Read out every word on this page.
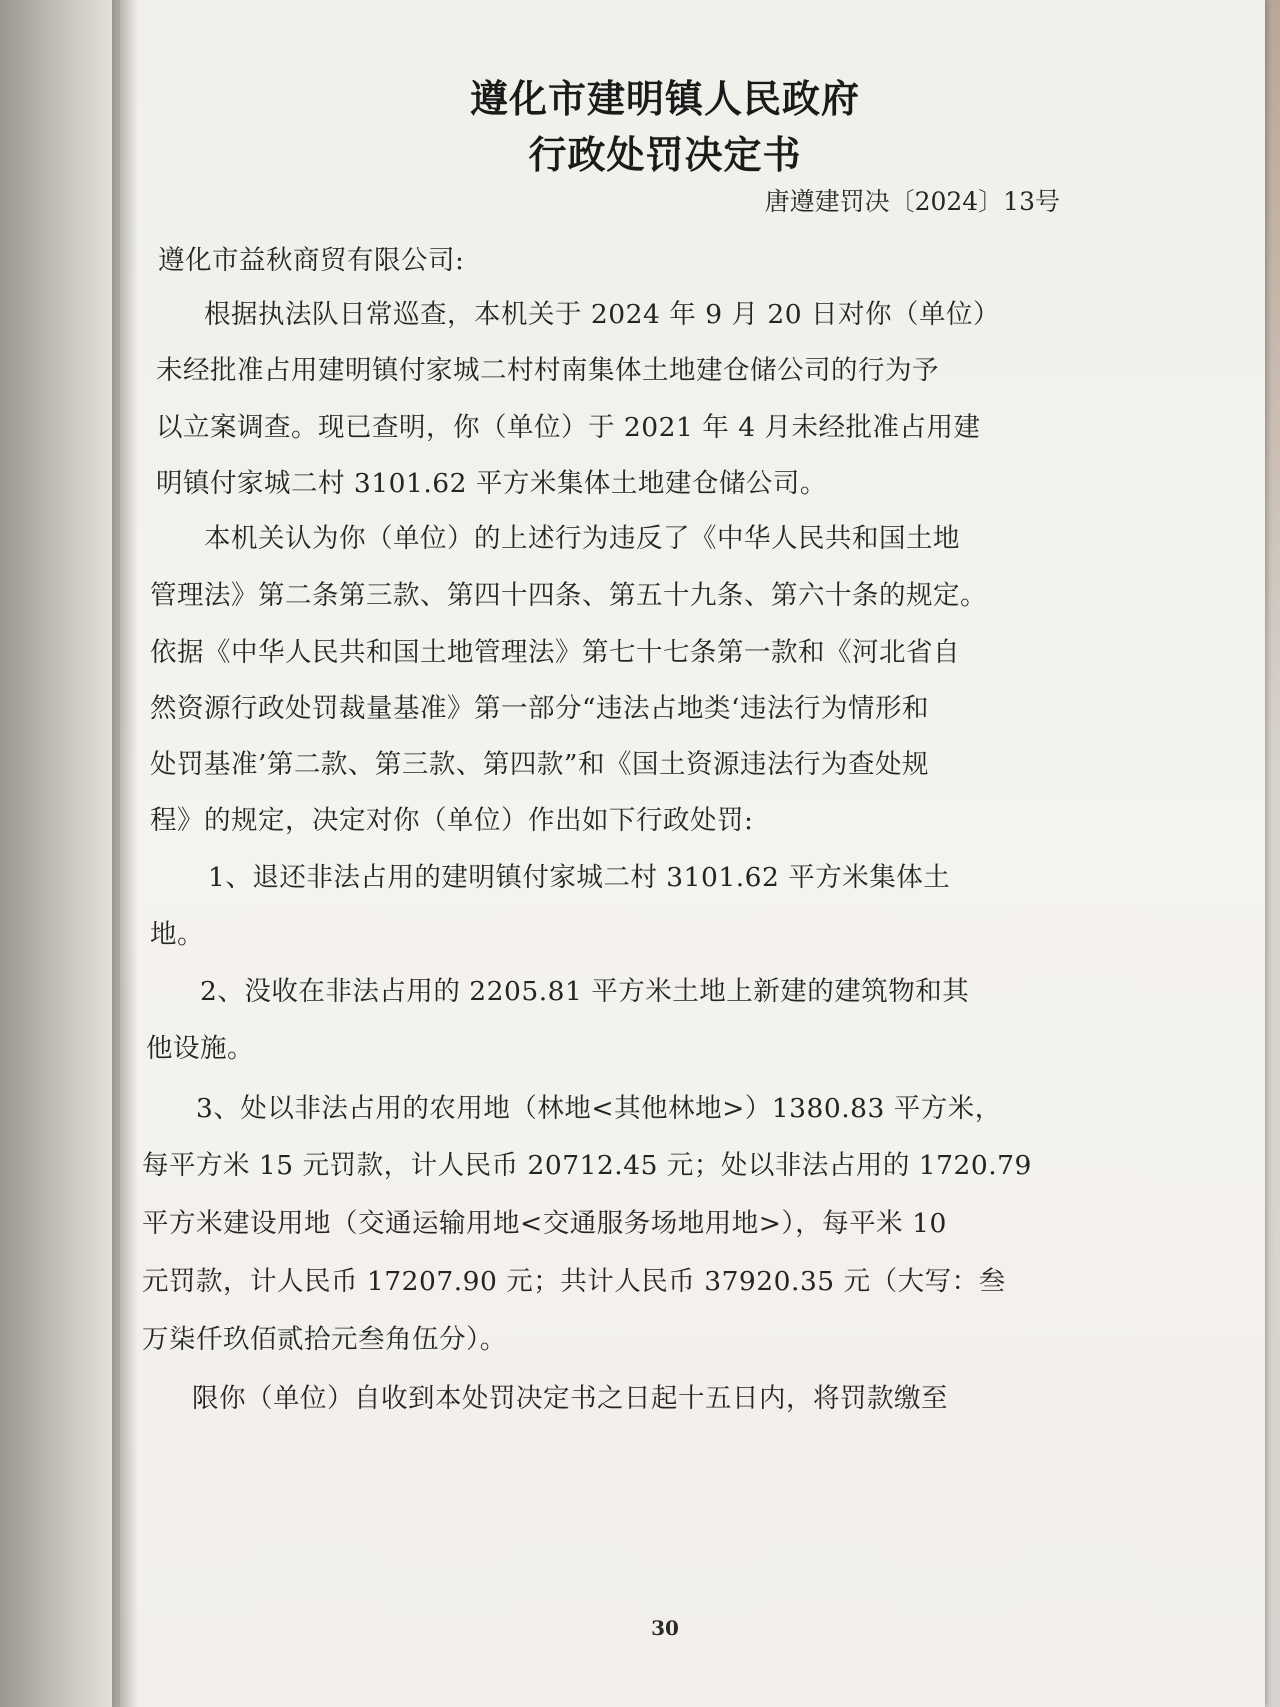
遵化市建明镇人民政府
行政处罚决定书
唐遵建罚决〔2024〕13号
遵化市益秋商贸有限公司:
根据执法队日常巡查，本机关于 2024 年 9 月 20 日对你（单位）
未经批准占用建明镇付家城二村村南集体土地建仓储公司的行为予
以立案调查。现已查明，你（单位）于 2021 年 4 月未经批准占用建
明镇付家城二村 3101.62 平方米集体土地建仓储公司。
本机关认为你（单位）的上述行为违反了《中华人民共和国土地
管理法》第二条第三款、第四十四条、第五十九条、第六十条的规定。
依据《中华人民共和国土地管理法》第七十七条第一款和《河北省自
然资源行政处罚裁量基准》第一部分“违法占地类‘违法行为情形和
处罚基准’第二款、第三款、第四款”和《国土资源违法行为查处规
程》的规定，决定对你（单位）作出如下行政处罚:
1、退还非法占用的建明镇付家城二村 3101.62 平方米集体土
地。
2、没收在非法占用的 2205.81 平方米土地上新建的建筑物和其
他设施。
3、处以非法占用的农用地（林地<其他林地>）1380.83 平方米，
每平方米 15 元罚款，计人民币 20712.45 元；处以非法占用的 1720.79
平方米建设用地（交通运输用地<交通服务场地用地>），每平米 10
元罚款，计人民币 17207.90 元；共计人民币 37920.35 元（大写：叁
万柒仟玖佰贰拾元叁角伍分）。
限你（单位）自收到本处罚决定书之日起十五日内，将罚款缴至
30
